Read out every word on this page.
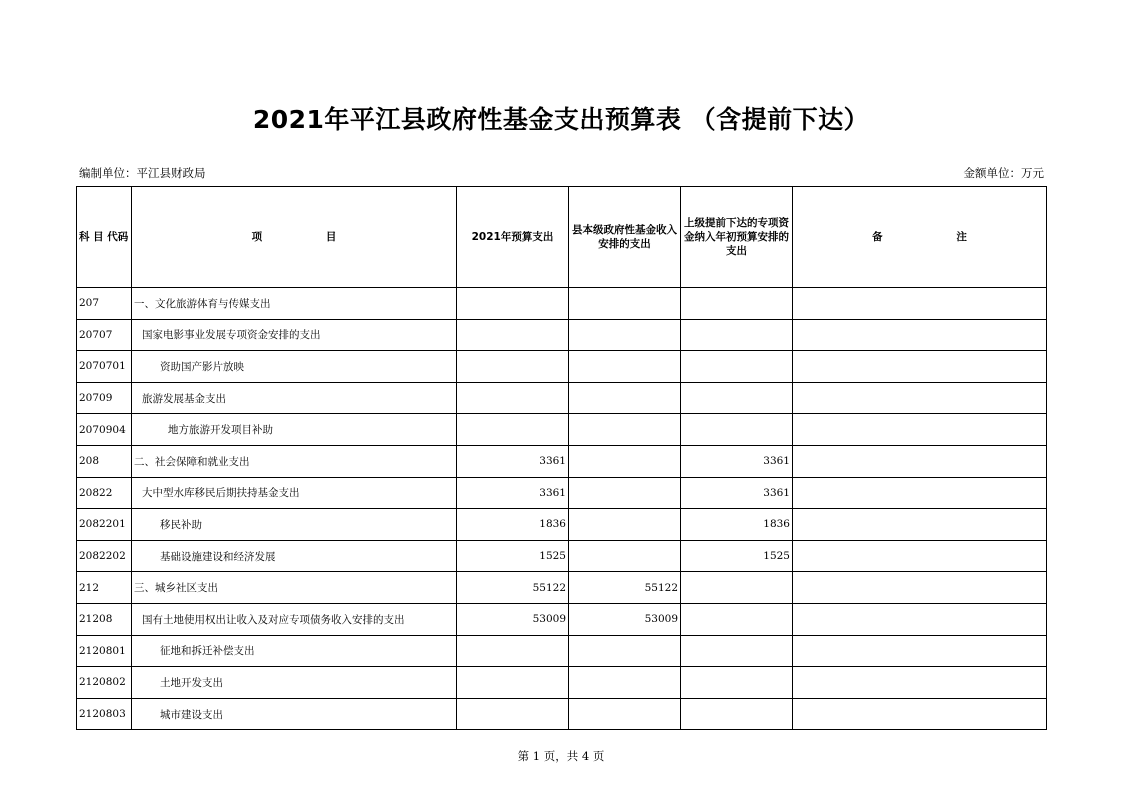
2021年平江县政府性基金支出预算表 （含提前下达）
编制单位：平江县财政局	金额单位：万元
科 目 代码	项 目	2021年预算支出	县本级政府性基金收入安排的支出	上级提前下达的专项资金纳入年初预算安排的支出	备 注
207	一、文化旅游体育与传媒支出				
20707	国家电影事业发展专项资金安排的支出				
2070701	资助国产影片放映				
20709	旅游发展基金支出				
2070904	地方旅游开发项目补助				
208	二、社会保障和就业支出	3361		3361	
20822	大中型水库移民后期扶持基金支出	3361		3361	
2082201	移民补助	1836		1836	
2082202	基础设施建设和经济发展	1525		1525	
212	三、城乡社区支出	55122	55122		
21208	国有土地使用权出让收入及对应专项债务收入安排的支出	53009	53009		
2120801	征地和拆迁补偿支出				
2120802	土地开发支出				
2120803	城市建设支出				
第 1 页，共 4 页
